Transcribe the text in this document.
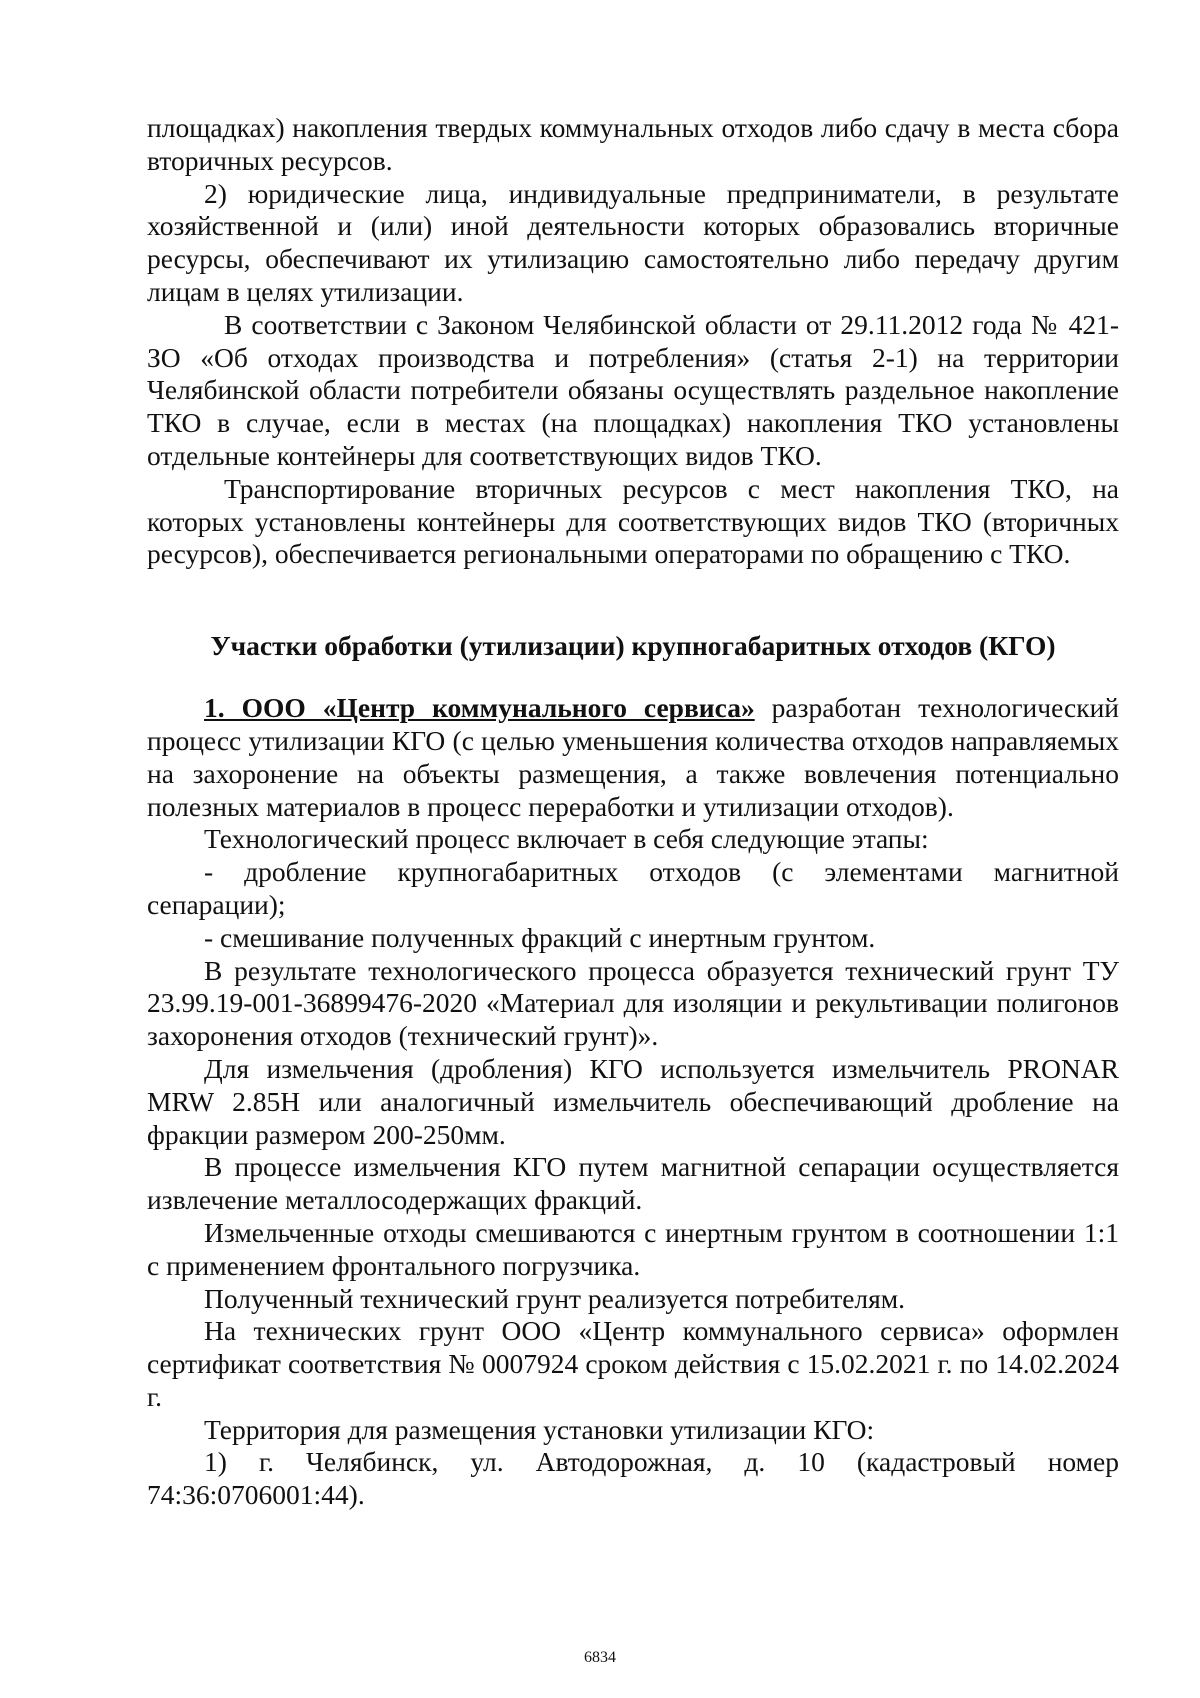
площадках) накопления твердых коммунальных отходов либо сдачу в места сбора вторичных ресурсов.

2) юридические лица, индивидуальные предприниматели, в результате хозяйственной и (или) иной деятельности которых образовались вторичные ресурсы, обеспечивают их утилизацию самостоятельно либо передачу другим лицам в целях утилизации.

В соответствии с Законом Челябинской области от 29.11.2012 года № 421-ЗО «Об отходах производства и потребления» (статья 2-1) на территории Челябинской области потребители обязаны осуществлять раздельное накопление ТКО в случае, если в местах (на площадках) накопления ТКО установлены отдельные контейнеры для соответствующих видов ТКО.

Транспортирование вторичных ресурсов с мест накопления ТКО, на которых установлены контейнеры для соответствующих видов ТКО (вторичных ресурсов), обеспечивается региональными операторами по обращению с ТКО.

Участки обработки (утилизации) крупногабаритных отходов (КГО)

1. ООО «Центр коммунального сервиса» разработан технологический процесс утилизации КГО (с целью уменьшения количества отходов направляемых на захоронение на объекты размещения, а также вовлечения потенциально полезных материалов в процесс переработки и утилизации отходов).

Технологический процесс включает в себя следующие этапы:

- дробление крупногабаритных отходов (с элементами магнитной сепарации);

- смешивание полученных фракций с инертным грунтом.

В результате технологического процесса образуется технический грунт ТУ 23.99.19-001-36899476-2020 «Материал для изоляции и рекультивации полигонов захоронения отходов (технический грунт)».

Для измельчения (дробления) КГО используется измельчитель PRONAR MRW 2.85H или аналогичный измельчитель обеспечивающий дробление на фракции размером 200-250мм.

В процессе измельчения КГО путем магнитной сепарации осуществляется извлечение металлосодержащих фракций.

Измельченные отходы смешиваются с инертным грунтом в соотношении 1:1 с применением фронтального погрузчика.

Полученный технический грунт реализуется потребителям.

На технических грунт ООО «Центр коммунального сервиса» оформлен сертификат соответствия № 0007924 сроком действия с 15.02.2021 г. по 14.02.2024 г.

Территория для размещения установки утилизации КГО:

1) г. Челябинск, ул. Автодорожная, д. 10 (кадастровый номер 74:36:0706001:44).

6834
